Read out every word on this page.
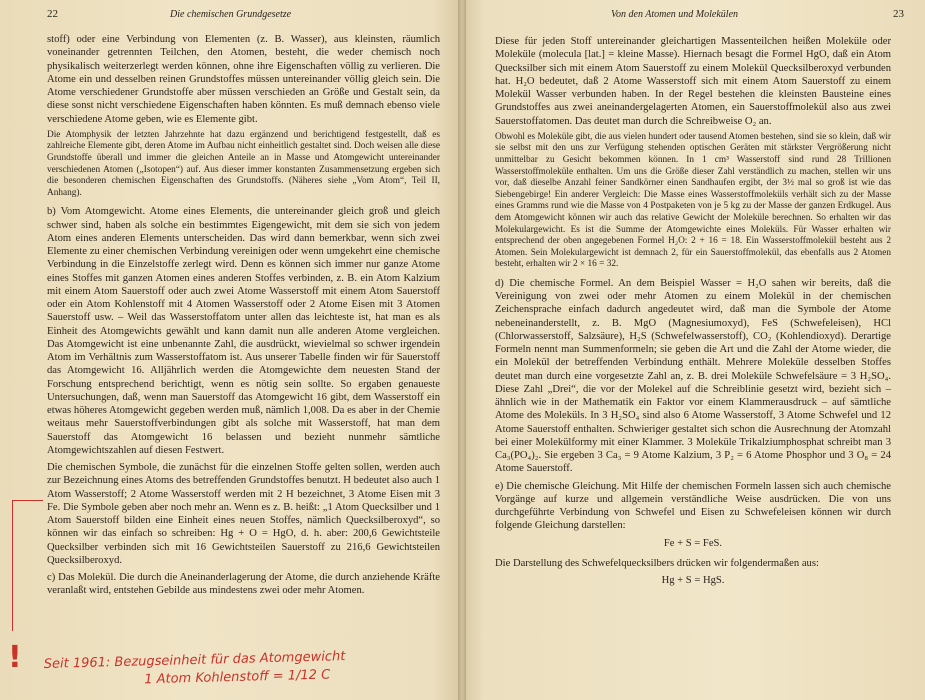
22	Die chemischen Grundgesetze

stoff) oder eine Verbindung von Elementen (z. B. Wasser), aus kleinsten, räumlich voneinander getrennten Teilchen, den Atomen, besteht, die weder chemisch noch physikalisch weiterzerlegt werden können, ohne ihre Eigenschaften völlig zu verlieren. Die Atome ein und desselben reinen Grundstoffes müssen untereinander völlig gleich sein. Die Atome verschiedener Grundstoffe aber müssen verschieden an Größe und Gestalt sein, da diese sonst nicht verschiedene Eigenschaften haben könnten. Es muß demnach ebenso viele verschiedene Atome geben, wie es Elemente gibt.

Die Atomphysik der letzten Jahrzehnte hat dazu ergänzend und berichtigend festgestellt, daß es zahlreiche Elemente gibt, deren Atome im Aufbau nicht einheitlich gestaltet sind. Doch weisen alle diese Grundstoffe überall und immer die gleichen Anteile an in Masse und Atomgewicht untereinander verschiedenen Atomen („Isotopen“) auf. Aus dieser immer konstanten Zusammensetzung ergeben sich die besonderen chemischen Eigenschaften des Grundstoffs. (Näheres siehe „Vom Atom“, Teil II, Anhang).

b) Vom Atomgewicht. Atome eines Elements, die untereinander gleich groß und gleich schwer sind, haben als solche ein bestimmtes Eigengewicht, mit dem sie sich von jedem Atom eines anderen Elements unterscheiden. Das wird dann bemerkbar, wenn sich zwei Elemente zu einer chemischen Verbindung vereinigen oder wenn umgekehrt eine chemische Verbindung in die Einzelstoffe zerlegt wird. Denn es können sich immer nur ganze Atome eines Stoffes mit ganzen Atomen eines anderen Stoffes verbinden, z. B. ein Atom Kalzium mit einem Atom Sauerstoff oder auch zwei Atome Wasserstoff mit einem Atom Sauerstoff oder ein Atom Kohlenstoff mit 4 Atomen Wasserstoff oder 2 Atome Eisen mit 3 Atomen Sauerstoff usw. – Weil das Wasserstoffatom unter allen das leichteste ist, hat man es als Einheit des Atomgewichts gewählt und kann damit nun alle anderen Atome vergleichen. Das Atomgewicht ist eine unbenannte Zahl, die ausdrückt, wievielmal so schwer irgendein Atom im Verhältnis zum Wasserstoffatom ist. Aus unserer Tabelle finden wir für Sauerstoff das Atomgewicht 16. Alljährlich werden die Atomgewichte dem neuesten Stand der Forschung entsprechend berichtigt, wenn es nötig sein sollte. So ergaben genaueste Untersuchungen, daß, wenn man Sauerstoff das Atomgewicht 16 gibt, dem Wasserstoff ein etwas höheres Atomgewicht gegeben werden muß, nämlich 1,008. Da es aber in der Chemie weitaus mehr Sauerstoffverbindungen gibt als solche mit Wasserstoff, hat man dem Sauerstoff das Atomgewicht 16 belassen und bezieht nunmehr sämtliche Atomgewichtszahlen auf diesen Festwert.

Die chemischen Symbole, die zunächst für die einzelnen Stoffe gelten sollen, werden auch zur Bezeichnung eines Atoms des betreffenden Grundstoffes benutzt. H bedeutet also auch 1 Atom Wasserstoff; 2 Atome Wasserstoff werden mit 2 H bezeichnet, 3 Atome Eisen mit 3 Fe. Die Symbole geben aber noch mehr an. Wenn es z. B. heißt: „1 Atom Quecksilber und 1 Atom Sauerstoff bilden eine Einheit eines neuen Stoffes, nämlich Quecksilberoxyd“, so können wir das einfach so schreiben: Hg + O = HgO, d. h. aber: 200,6 Gewichtsteile Quecksilber verbinden sich mit 16 Gewichtsteilen Sauerstoff zu 216,6 Gewichtsteilen Quecksilberoxyd.

c) Das Molekül. Die durch die Aneinanderlagerung der Atome, die durch anziehende Kräfte veranlaßt wird, entstehen Gebilde aus mindestens zwei oder mehr Atomen.

! Seit 1961: Bezugseinheit für das Atomgewicht
1 Atom Kohlenstoff = 1/12 C
Von den Atomen und Molekülen	23

Diese für jeden Stoff untereinander gleichartigen Massenteilchen heißen Moleküle oder Moleküle (molecula [lat.] = kleine Masse). Hiernach besagt die Formel HgO, daß ein Atom Quecksilber sich mit einem Atom Sauerstoff zu einem Molekül Quecksilberoxyd verbunden hat. H₂O bedeutet, daß 2 Atome Wasserstoff sich mit einem Atom Sauerstoff zu einem Molekül Wasser verbunden haben. In der Regel bestehen die kleinsten Bausteine eines Grundstoffes aus zwei aneinandergelagerten Atomen, ein Sauerstoffmolekül also aus zwei Sauerstoffatomen. Das deutet man durch die Schreibweise O₂ an.

Obwohl es Moleküle gibt, die aus vielen hundert oder tausend Atomen bestehen, sind sie so klein, daß wir sie selbst mit den uns zur Verfügung stehenden optischen Geräten mit stärkster Vergrößerung nicht unmittelbar zu Gesicht bekommen können. In 1 cm³ Wasserstoff sind rund 28 Trillionen Wasserstoffmoleküle enthalten. Um uns die Größe dieser Zahl verständlich zu machen, stellen wir uns vor, daß dieselbe Anzahl feiner Sandkörner einen Sandhaufen ergibt, der 3½ mal so groß ist wie das Siebengebirge! Ein anderer Vergleich: Die Masse eines Wasserstoffmoleküls verhält sich zu der Masse eines Gramms rund wie die Masse von 4 Postpaketen von je 5 kg zu der Masse der ganzen Erdkugel. Aus dem Atomgewicht können wir auch das relative Gewicht der Moleküle berechnen. So erhalten wir das Molekulargewicht. Es ist die Summe der Atomgewichte eines Moleküls. Für Wasser erhalten wir entsprechend der oben angegebenen Formel H₂O: 2 + 16 = 18. Ein Wasserstoffmolekül besteht aus 2 Atomen. Sein Molekulargewicht ist demnach 2, für ein Sauerstoffmolekül, das ebenfalls aus 2 Atomen besteht, erhalten wir 2 × 16 = 32.

d) Die chemische Formel. An dem Beispiel Wasser = H₂O sahen wir bereits, daß die Vereinigung von zwei oder mehr Atomen zu einem Molekül in der chemischen Zeichensprache einfach dadurch angedeutet wird, daß man die Symbole der Atome nebeneinanderstellt, z. B. MgO (Magnesiumoxyd), FeS (Schwefeleisen), HCl (Chlorwasserstoff, Salzsäure), H₂S (Schwefelwasserstoff), CO₂ (Kohlendioxyd). Derartige Formeln nennt man Summenformeln; sie geben die Art und die Zahl der Atome wieder, die ein Molekül der betreffenden Verbindung enthält. Mehrere Moleküle desselben Stoffes deutet man durch eine vorgesetzte Zahl an, z. B. drei Moleküle Schwefelsäure = 3 H₂SO₄. Diese Zahl „Drei“, die vor der Molekel auf die Schreiblinie gesetzt wird, bezieht sich – ähnlich wie in der Mathematik ein Faktor vor einem Klammerausdruck – auf sämtliche Atome des Moleküls. In 3 H₂SO₄ sind also 6 Atome Wasserstoff, 3 Atome Schwefel und 12 Atome Sauerstoff enthalten. Schwieriger gestaltet sich schon die Ausrechnung der Atomzahl bei einer Molekülformy mit einer Klammer. 3 Moleküle Trikalziumphosphat schreibt man 3 Ca₃(PO₄)₂. Sie ergeben 3 Ca₃ = 9 Atome Kalzium, 3 P₂ = 6 Atome Phosphor und 3 O₈ = 24 Atome Sauerstoff.

e) Die chemische Gleichung. Mit Hilfe der chemischen Formeln lassen sich auch chemische Vorgänge auf kurze und allgemein verständliche Weise ausdrücken. Die von uns durchgeführte Verbindung von Schwefel und Eisen zu Schwefeleisen können wir durch folgende Gleichung darstellen:

Fe + S = FeS.

Die Darstellung des Schwefelquecksilbers drücken wir folgendermaßen aus:

Hg + S = HgS.
